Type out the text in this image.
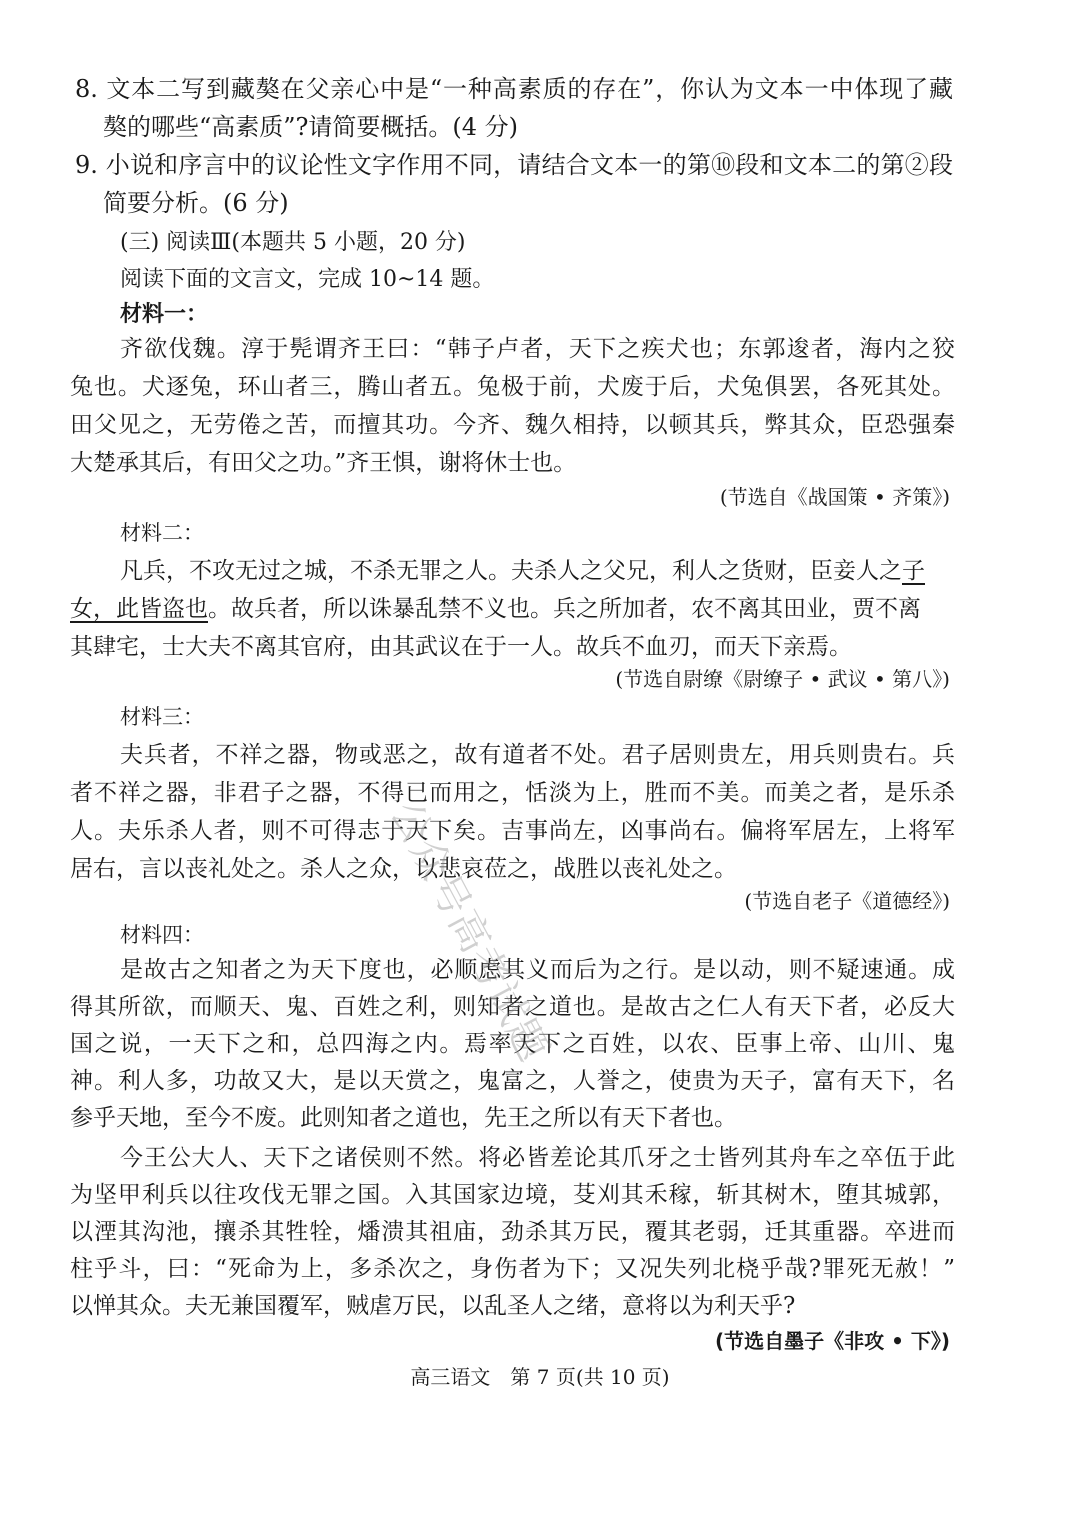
8. 文本二写到藏獒在父亲心中是“一种高素质的存在”，你认为文本一中体现了藏
獒的哪些“高素质”?请简要概括。(4 分)
9. 小说和序言中的议论性文字作用不同，请结合文本一的第⑩段和文本二的第②段
简要分析。(6 分)
(三) 阅读Ⅲ(本题共 5 小题，20 分)
阅读下面的文言文，完成 10~14 题。
材料一：
齐欲伐魏。淳于髡谓齐王曰：“韩子卢者，天下之疾犬也；东郭逡者，海内之狡
兔也。犬逐兔，环山者三，腾山者五。兔极于前，犬废于后，犬兔俱罢，各死其处。
田父见之，无劳倦之苦，而擅其功。今齐、魏久相持，以顿其兵，弊其众，臣恐强秦
大楚承其后，有田父之功。”齐王惧，谢将休士也。
(节选自《战国策 • 齐策》)
材料二：
凡兵，不攻无过之城，不杀无罪之人。夫杀人之父兄，利人之货财，臣妾人之子
女，此皆盗也。故兵者，所以诛暴乱禁不义也。兵之所加者，农不离其田业，贾不离
其肆宅，士大夫不离其官府，由其武议在于一人。故兵不血刃，而天下亲焉。
(节选自尉缭《尉缭子 • 武议 • 第八》)
材料三：
夫兵者，不祥之器，物或恶之，故有道者不处。君子居则贵左，用兵则贵右。兵
者不祥之器，非君子之器，不得已而用之，恬淡为上，胜而不美。而美之者，是乐杀
人。夫乐杀人者，则不可得志于天下矣。吉事尚左，凶事尚右。偏将军居左，上将军
居右，言以丧礼处之。杀人之众，以悲哀莅之，战胜以丧礼处之。
(节选自老子《道德经》)
材料四：
是故古之知者之为天下度也，必顺虑其义而后为之行。是以动，则不疑速通。成
得其所欲，而顺天、鬼、百姓之利，则知者之道也。是故古之仁人有天下者，必反大
国之说，一天下之和，总四海之内。焉率天下之百姓，以农、臣事上帝、山川、鬼
神。利人多，功故又大，是以天赏之，鬼富之，人誉之，使贵为天子，富有天下，名
参乎天地，至今不废。此则知者之道也，先王之所以有天下者也。
今王公大人、天下之诸侯则不然。将必皆差论其爪牙之士皆列其舟车之卒伍于此
为坚甲利兵以往攻伐无罪之国。入其国家边境，芟刈其禾稼，斩其树木，堕其城郭，
以湮其沟池，攘杀其牲牷，燔溃其祖庙，劲杀其万民，覆其老弱，迁其重器。卒进而
柱乎斗，曰：“死命为上，多杀次之，身伤者为下；又况失列北桡乎哉?罪死无赦！”
以惮其众。夫无兼国覆军，贼虐万民，以乱圣人之绪，意将以为利天乎?
(节选自墨子《非攻 • 下》)
高三语文　第 7 页(共 10 页)
公众号高考试题
